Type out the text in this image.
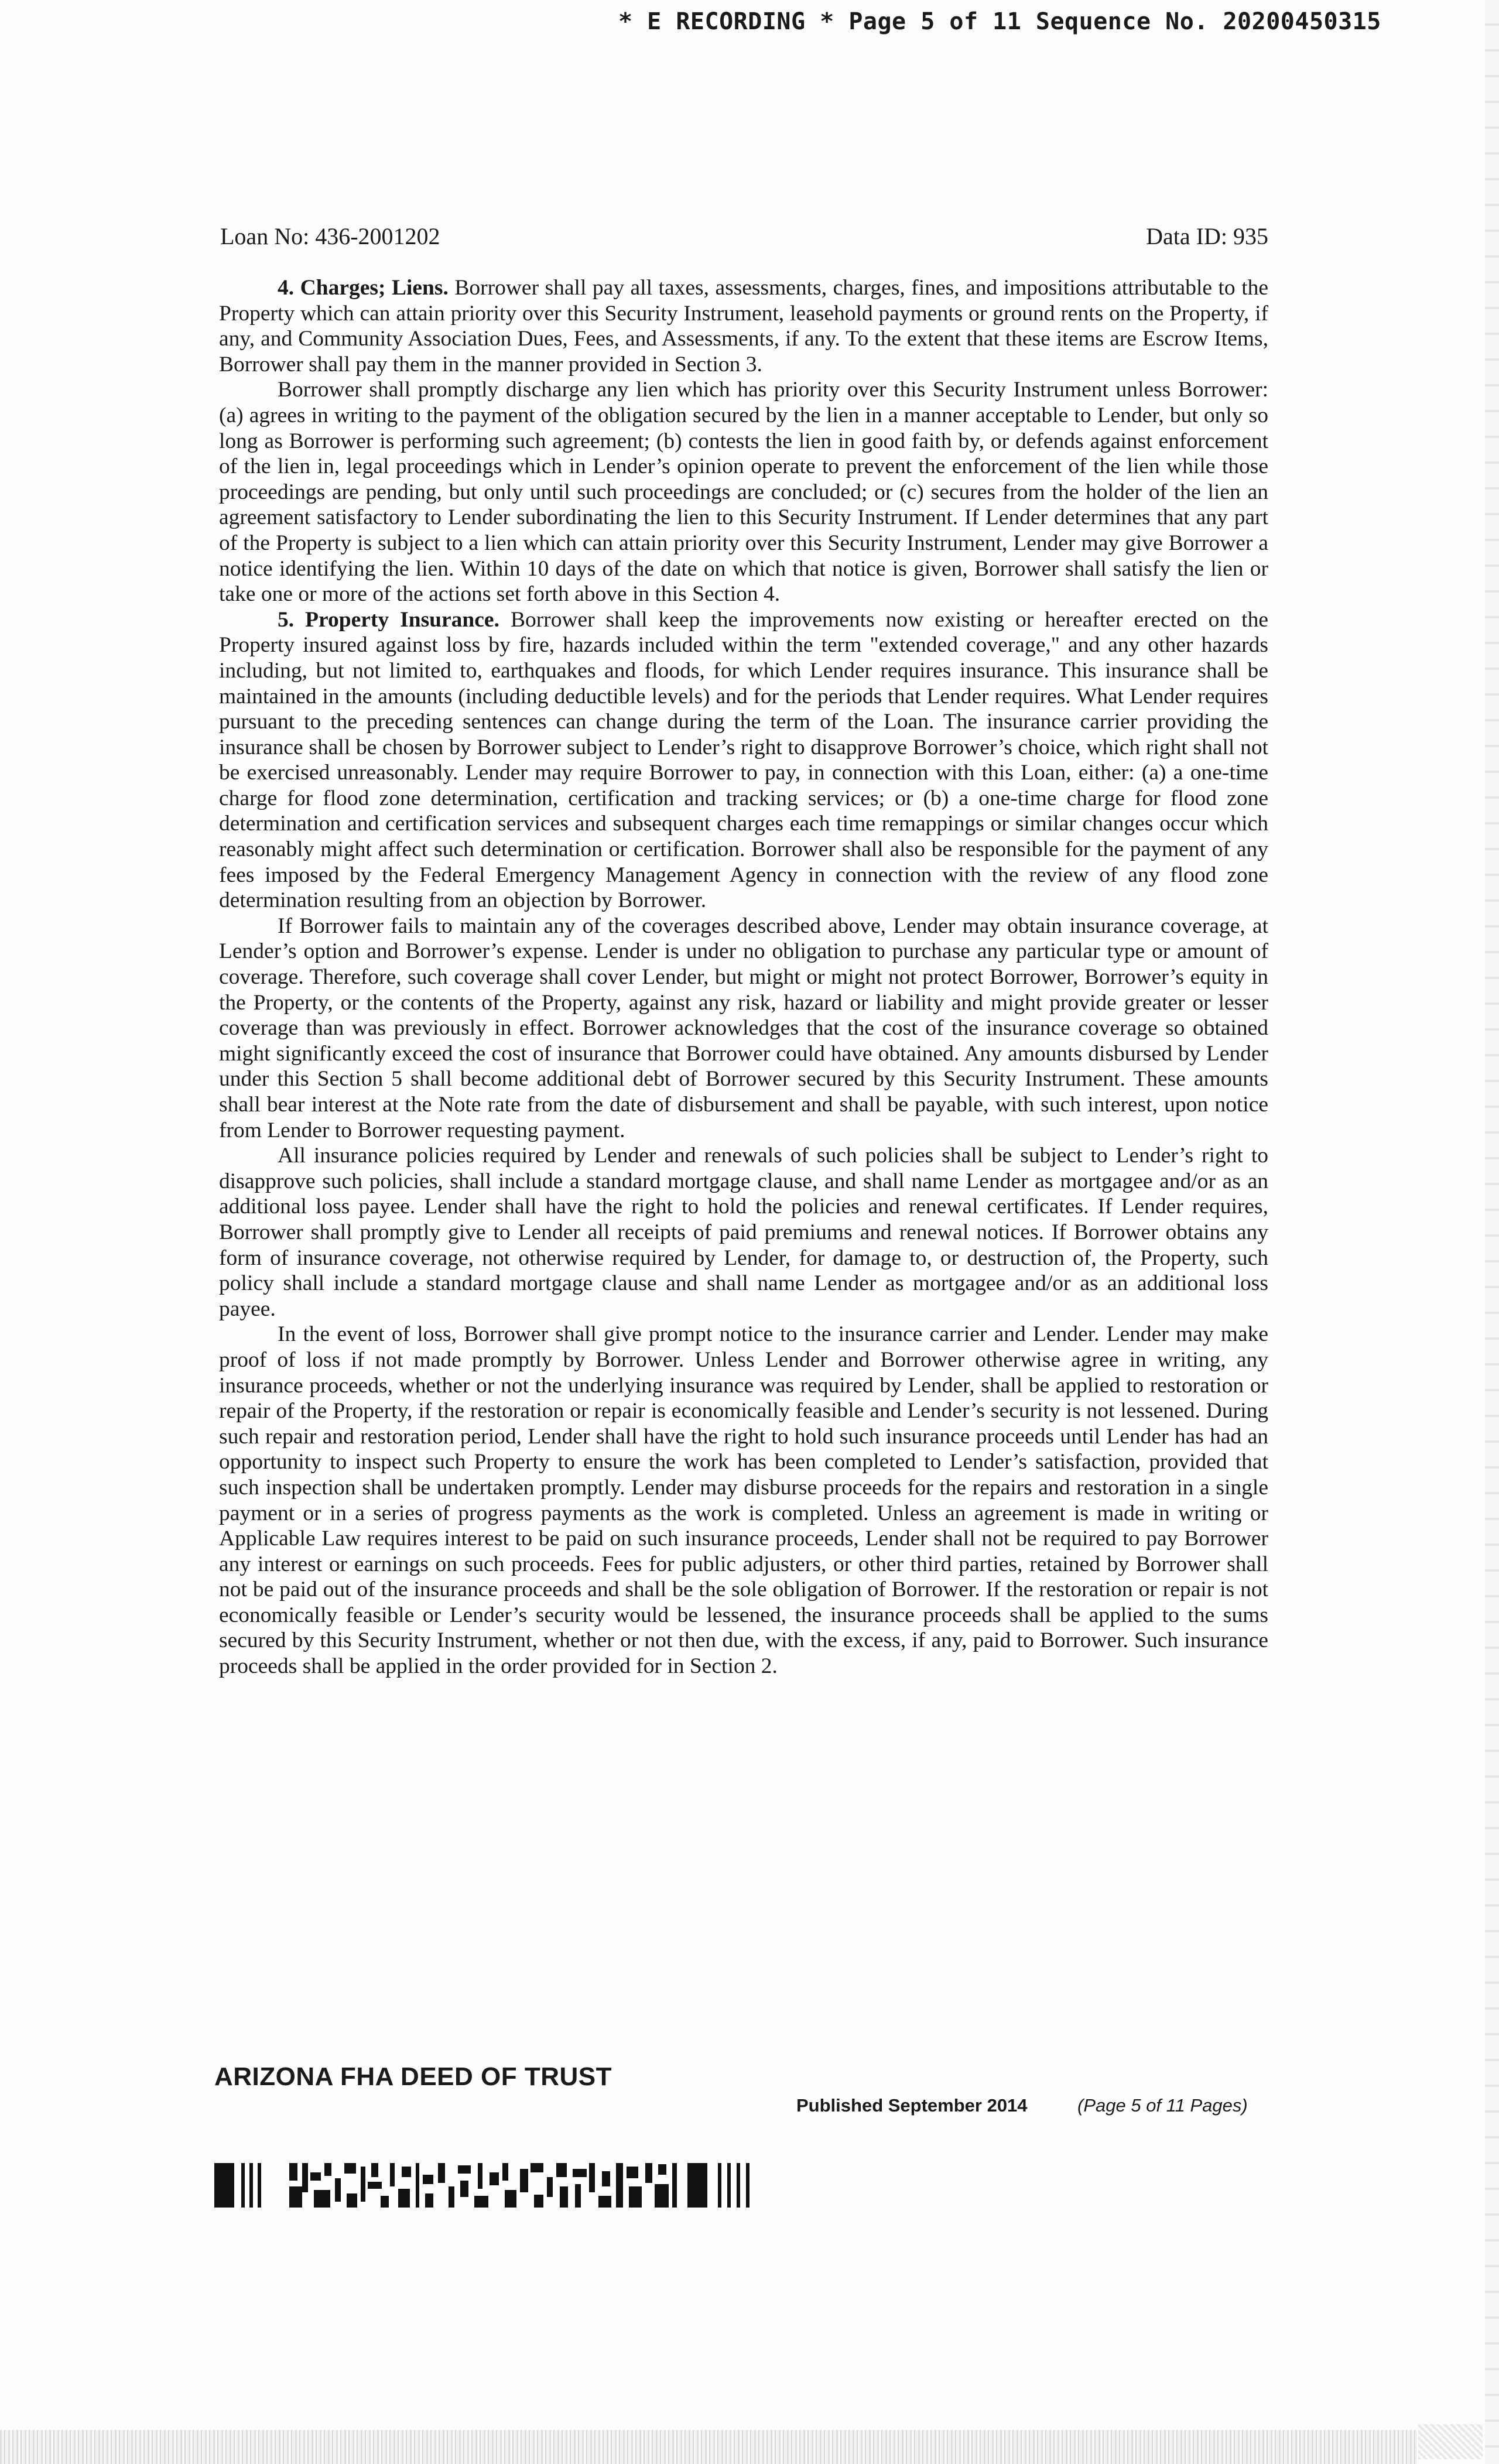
* E RECORDING * Page 5 of 11 Sequence No. 20200450315
Loan No: 436-2001202	Data ID: 935

4. Charges; Liens. Borrower shall pay all taxes, assessments, charges, fines, and impositions attributable to the Property which can attain priority over this Security Instrument, leasehold payments or ground rents on the Property, if any, and Community Association Dues, Fees, and Assessments, if any. To the extent that these items are Escrow Items, Borrower shall pay them in the manner provided in Section 3.

Borrower shall promptly discharge any lien which has priority over this Security Instrument unless Borrower: (a) agrees in writing to the payment of the obligation secured by the lien in a manner acceptable to Lender, but only so long as Borrower is performing such agreement; (b) contests the lien in good faith by, or defends against enforcement of the lien in, legal proceedings which in Lender’s opinion operate to prevent the enforcement of the lien while those proceedings are pending, but only until such proceedings are concluded; or (c) secures from the holder of the lien an agreement satisfactory to Lender subordinating the lien to this Security Instrument. If Lender determines that any part of the Property is subject to a lien which can attain priority over this Security Instrument, Lender may give Borrower a notice identifying the lien. Within 10 days of the date on which that notice is given, Borrower shall satisfy the lien or take one or more of the actions set forth above in this Section 4.

5. Property Insurance. Borrower shall keep the improvements now existing or hereafter erected on the Property insured against loss by fire, hazards included within the term "extended coverage," and any other hazards including, but not limited to, earthquakes and floods, for which Lender requires insurance. This insurance shall be maintained in the amounts (including deductible levels) and for the periods that Lender requires. What Lender requires pursuant to the preceding sentences can change during the term of the Loan. The insurance carrier providing the insurance shall be chosen by Borrower subject to Lender’s right to disapprove Borrower’s choice, which right shall not be exercised unreasonably. Lender may require Borrower to pay, in connection with this Loan, either: (a) a one-time charge for flood zone determination, certification and tracking services; or (b) a one-time charge for flood zone determination and certification services and subsequent charges each time remappings or similar changes occur which reasonably might affect such determination or certification. Borrower shall also be responsible for the payment of any fees imposed by the Federal Emergency Management Agency in connection with the review of any flood zone determination resulting from an objection by Borrower.

If Borrower fails to maintain any of the coverages described above, Lender may obtain insurance coverage, at Lender’s option and Borrower’s expense. Lender is under no obligation to purchase any particular type or amount of coverage. Therefore, such coverage shall cover Lender, but might or might not protect Borrower, Borrower’s equity in the Property, or the contents of the Property, against any risk, hazard or liability and might provide greater or lesser coverage than was previously in effect. Borrower acknowledges that the cost of the insurance coverage so obtained might significantly exceed the cost of insurance that Borrower could have obtained. Any amounts disbursed by Lender under this Section 5 shall become additional debt of Borrower secured by this Security Instrument. These amounts shall bear interest at the Note rate from the date of disbursement and shall be payable, with such interest, upon notice from Lender to Borrower requesting payment.

All insurance policies required by Lender and renewals of such policies shall be subject to Lender’s right to disapprove such policies, shall include a standard mortgage clause, and shall name Lender as mortgagee and/or as an additional loss payee. Lender shall have the right to hold the policies and renewal certificates. If Lender requires, Borrower shall promptly give to Lender all receipts of paid premiums and renewal notices. If Borrower obtains any form of insurance coverage, not otherwise required by Lender, for damage to, or destruction of, the Property, such policy shall include a standard mortgage clause and shall name Lender as mortgagee and/or as an additional loss payee.

In the event of loss, Borrower shall give prompt notice to the insurance carrier and Lender. Lender may make proof of loss if not made promptly by Borrower. Unless Lender and Borrower otherwise agree in writing, any insurance proceeds, whether or not the underlying insurance was required by Lender, shall be applied to restoration or repair of the Property, if the restoration or repair is economically feasible and Lender’s security is not lessened. During such repair and restoration period, Lender shall have the right to hold such insurance proceeds until Lender has had an opportunity to inspect such Property to ensure the work has been completed to Lender’s satisfaction, provided that such inspection shall be undertaken promptly. Lender may disburse proceeds for the repairs and restoration in a single payment or in a series of progress payments as the work is completed. Unless an agreement is made in writing or Applicable Law requires interest to be paid on such insurance proceeds, Lender shall not be required to pay Borrower any interest or earnings on such proceeds. Fees for public adjusters, or other third parties, retained by Borrower shall not be paid out of the insurance proceeds and shall be the sole obligation of Borrower. If the restoration or repair is not economically feasible or Lender’s security would be lessened, the insurance proceeds shall be applied to the sums secured by this Security Instrument, whether or not then due, with the excess, if any, paid to Borrower. Such insurance proceeds shall be applied in the order provided for in Section 2.

ARIZONA FHA DEED OF TRUST
Published September 2014	(Page 5 of 11 Pages)
